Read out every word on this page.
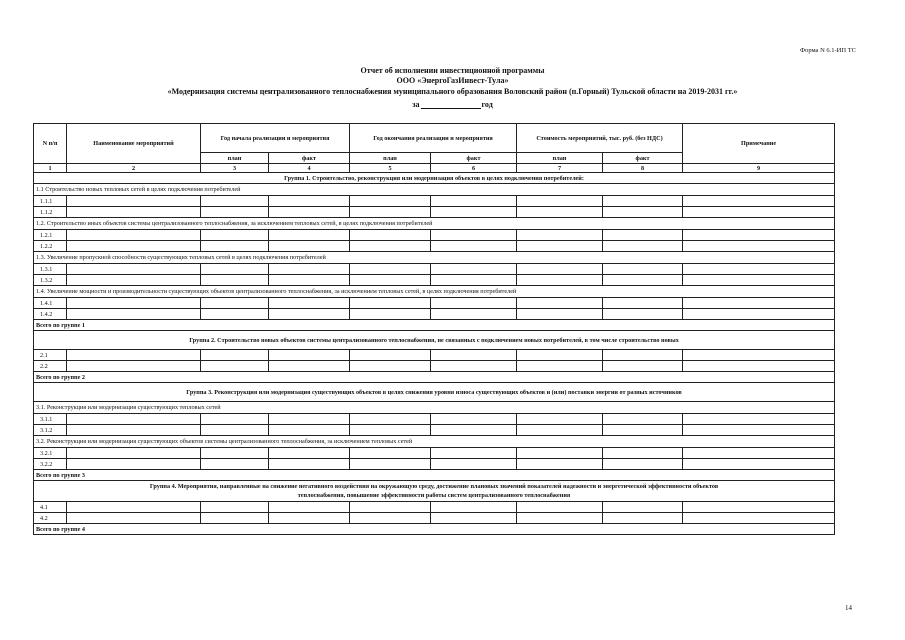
Форма N 6.1-ИП ТС
Отчет об исполнении инвестиционной программы
ООО «ЭнергоГазИнвест-Тула»
«Модернизация системы централизованного теплоснабжения муниципального образования Воловский район (п.Горный) Тульской области на 2019-2031 гг.»
за	год
N п/п	Наименование мероприятий	Год начала реализации и мероприятия		Год окончания реализации и мероприятия		Стоимость мероприятий, тыс. руб. (без НДС)		Примечание
		план	факт	план	факт	план	факт	
1	2	3	4	5	6	7	8	9
Группа 1. Строительство, реконструкция или модернизация объектов в целях подключения потребителей:								
1.1 Строительство новых тепловых сетей в целях подключения потребителей								
1.1.1								
1.1.2								
1.2. Строительство иных объектов системы централизованного теплоснабжения, за исключением тепловых сетей, в целях подключения потребителей								
1.2.1								
1.2.2								
1.3. Увеличение пропускной способности существующих тепловых сетей в целях подключения потребителей								
1.3.1								
1.3.2								
1.4. Увеличение мощности и производительности существующих объектов централизованного теплоснабжения, за исключением тепловых сетей, в целях подключения потребителей								
1.4.1								
1.4.2								
Всего по группе 1								
Группа 2. Строительство новых объектов системы централизованного теплоснабжения, не связанных с подключением новых потребителей, в том числе строительство новых								
2.1								
2.2								
Всего по группе 2								
Группа 3. Реконструкция или модернизация существующих объектов в целях снижения уровня износа существующих объектов и (или) поставки энергии от разных источников								
3.1. Реконструкция или модернизация существующих тепловых сетей								
3.1.1								
3.1.2								
3.2. Реконструкция или модернизация существующих объектов системы централизованного теплоснабжения, за исключением тепловых сетей								
3.2.1								
3.2.2								
Всего по группе 3								
Группа 4. Мероприятия, направленные на снижение негативного воздействия на окружающую среду, достижение плановых значений показателей надежности и энергетической эффективности объектов
теплоснабжения, повышение эффективности работы систем централизованного теплоснабжения								
4.1								
4.2								
Всего по группе 4								
14
